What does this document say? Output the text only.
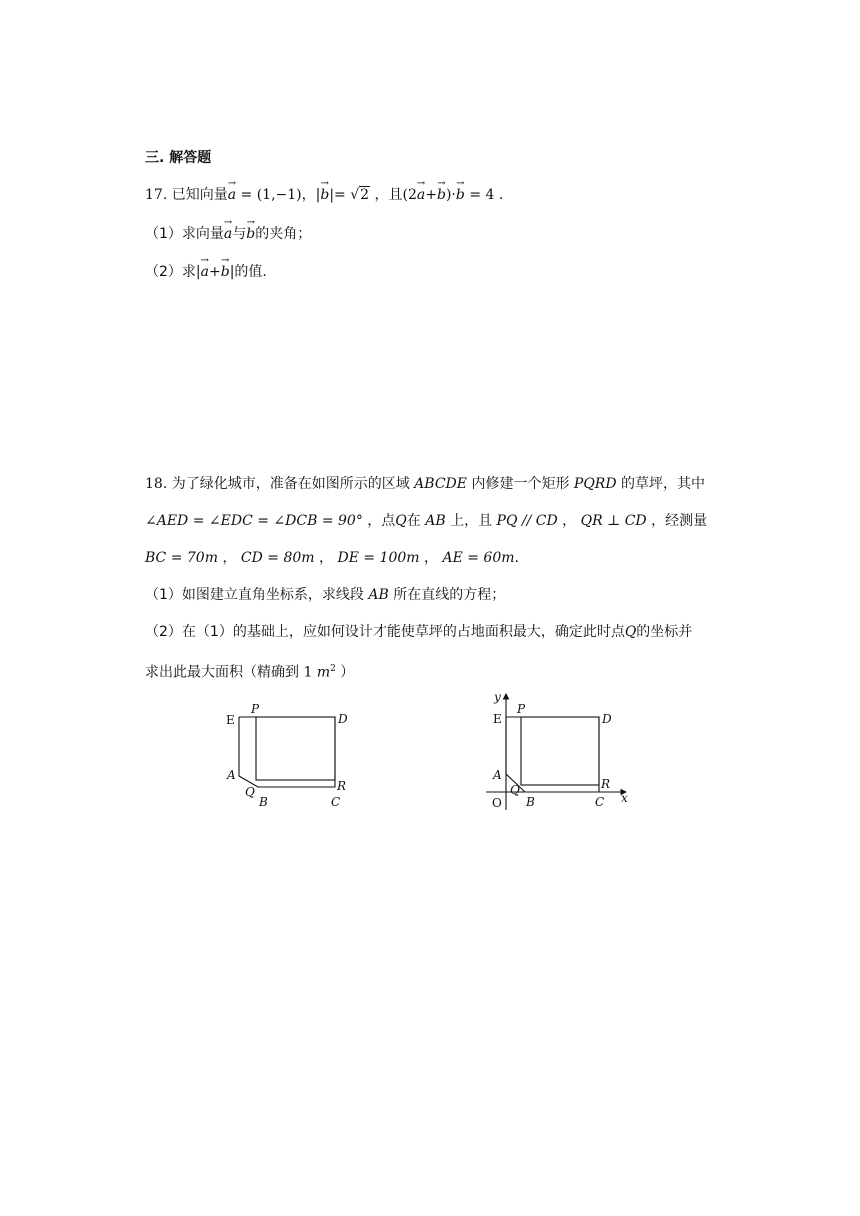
三. 解答题
17. 已知向量→ a = (1,−1)，|→ b|= √2 ，且(2→ a+→ b)·→ b = 4 .
（1）求向量→ a与→ b的夹角；
（2）求|→ a+→ b|的值.
18. 为了绿化城市，准备在如图所示的区域 ABCDE 内修建一个矩形 PQRD 的草坪，其中
∠AED = ∠EDC = ∠DCB = 90° ，点Q在 AB 上，且 PQ // CD ， QR ⊥ CD ，经测量
BC = 70m ， CD = 80m ， DE = 100m ， AE = 60m.
（1）如图建立直角坐标系，求线段 AB 所在直线的方程；
（2）在（1）的基础上，应如何设计才能使草坪的占地面积最大，确定此时点Q的坐标并
求出此最大面积（精确到 1 $m^2$ ）
E
P
D
A
R
Q
B	C
y
x
O
E
P
D
A
R
Q
B	C
